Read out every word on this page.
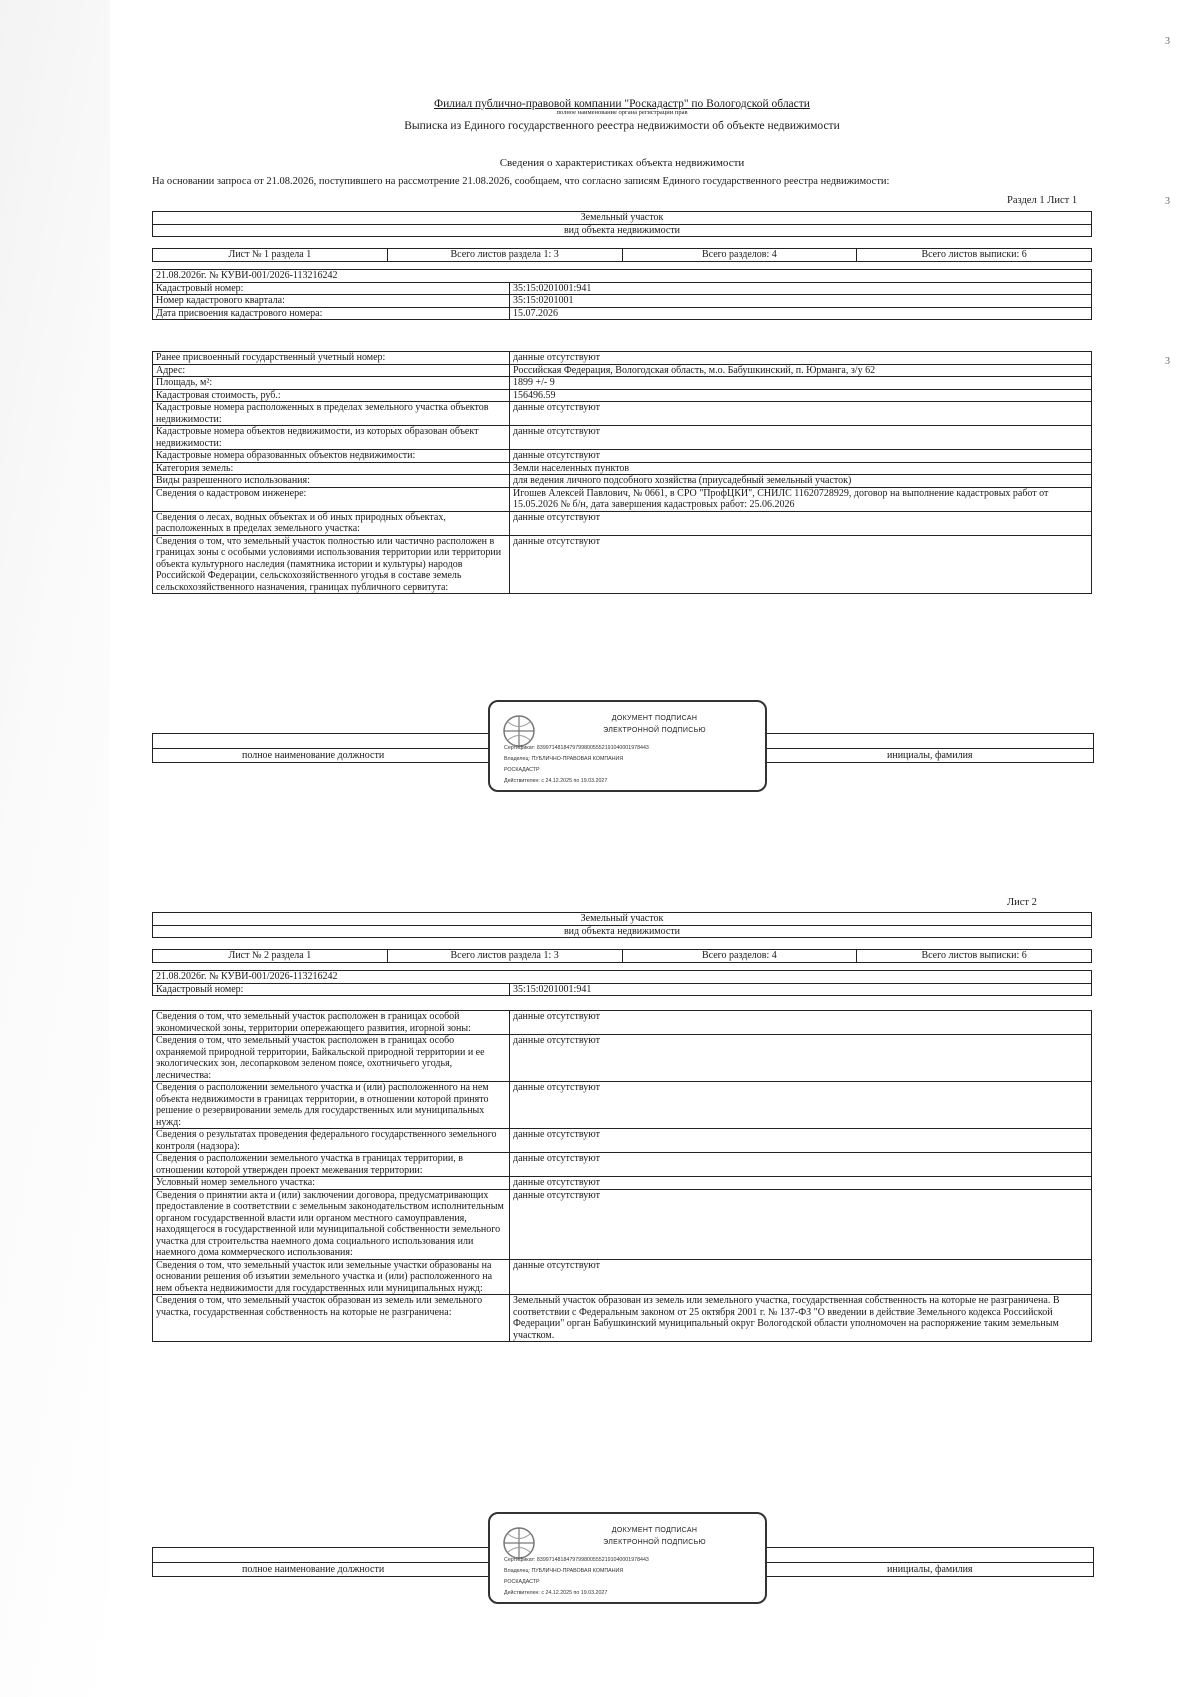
3
3
3
Филиал публично-правовой компании "Роскадастр" по Вологодской области
полное наименование органа регистрации прав
Выписка из Единого государственного реестра недвижимости об объекте недвижимости
Сведения о характеристиках объекта недвижимости
На основании запроса от 21.08.2026, поступившего на рассмотрение 21.08.2026, сообщаем, что согласно записям Единого государственного реестра недвижимости:
Раздел 1 Лист 1
Земельный участок
вид объекта недвижимости
Лист № 1 раздела 1	Всего листов раздела 1: 3	Всего разделов: 4	Всего листов выписки: 6
21.08.2026г. № КУВИ-001/2026-113216242	
Кадастровый номер:	35:15:0201001:941
Номер кадастрового квартала:	35:15:0201001
Дата присвоения кадастрового номера:	15.07.2026
Ранее присвоенный государственный учетный номер:	данные отсутствуют
Адрес:	Российская Федерация, Вологодская область, м.о. Бабушкинский, п. Юрманга, з/у 62
Площадь, м²:	1899 +/- 9
Кадастровая стоимость, руб.:	156496.59
Кадастровые номера расположенных в пределах земельного участка объектов недвижимости:	данные отсутствуют
Кадастровые номера объектов недвижимости, из которых образован объект недвижимости:	данные отсутствуют
Кадастровые номера образованных объектов недвижимости:	данные отсутствуют
Категория земель:	Земли населенных пунктов
Виды разрешенного использования:	для ведения личного подсобного хозяйства (приусадебный земельный участок)
Сведения о кадастровом инженере:	Игошев Алексей Павлович, № 0661, в СРО "ПрофЦКИ", СНИЛС 11620728929, договор на выполнение кадастровых работ от 15.05.2026 № б/н, дата завершения кадастровых работ: 25.06.2026
Сведения о лесах, водных объектах и об иных природных объектах, расположенных в пределах земельного участка:	данные отсутствуют
Сведения о том, что земельный участок полностью или частично расположен в границах зоны с особыми условиями использования территории или территории объекта культурного наследия (памятника истории и культуры) народов Российской Федерации, сельскохозяйственного угодья в составе земель сельскохозяйственного назначения, границах публичного сервитута:	данные отсутствуют
полное наименование должности	инициалы, фамилия
ДОКУМЕНТ ПОДПИСАН
ЭЛЕКТРОННОЙ ПОДПИСЬЮ
Сертификат: 83997148184797998005552191040001978443
Владелец: ПУБЛИЧНО-ПРАВОВАЯ КОМПАНИЯ
РОСКАДАСТР
Действителен: с 24.12.2025 по 19.03.2027
Лист 2
Земельный участок
вид объекта недвижимости
Лист № 2 раздела 1	Всего листов раздела 1: 3	Всего разделов: 4	Всего листов выписки: 6
21.08.2026г. № КУВИ-001/2026-113216242
Кадастровый номер:	35:15:0201001:941
Сведения о том, что земельный участок расположен в границах особой экономической зоны, территории опережающего развития, игорной зоны:	данные отсутствуют
Сведения о том, что земельный участок расположен в границах особо охраняемой природной территории, Байкальской природной территории и ее экологических зон, лесопарковом зеленом поясе, охотничьего угодья, лесничества:	данные отсутствуют
Сведения о расположении земельного участка и (или) расположенного на нем объекта недвижимости в границах территории, в отношении которой принято решение о резервировании земель для государственных или муниципальных нужд:	данные отсутствуют
Сведения о результатах проведения федерального государственного земельного контроля (надзора):	данные отсутствуют
Сведения о расположении земельного участка в границах территории, в отношении которой утвержден проект межевания территории:	данные отсутствуют
Условный номер земельного участка:	данные отсутствуют
Сведения о принятии акта и (или) заключении договора, предусматривающих предоставление в соответствии с земельным законодательством исполнительным органом государственной власти или органом местного самоуправления, находящегося в государственной или муниципальной собственности земельного участка для строительства наемного дома социального использования или наемного дома коммерческого использования:	данные отсутствуют
Сведения о том, что земельный участок или земельные участки образованы на основании решения об изъятии земельного участка и (или) расположенного на нем объекта недвижимости для государственных или муниципальных нужд:	данные отсутствуют
Сведения о том, что земельный участок образован из земель или земельного участка, государственная собственность на которые не разграничена:	Земельный участок образован из земель или земельного участка, государственная собственность на которые не разграничена. В соответствии с Федеральным законом от 25 октября 2001 г. № 137-ФЗ "О введении в действие Земельного кодекса Российской Федерации" орган Бабушкинский муниципальный округ Вологодской области уполномочен на распоряжение таким земельным участком.
полное наименование должности	инициалы, фамилия
ДОКУМЕНТ ПОДПИСАН
ЭЛЕКТРОННОЙ ПОДПИСЬЮ
Сертификат: 83997148184797998005552191040001978443
Владелец: ПУБЛИЧНО-ПРАВОВАЯ КОМПАНИЯ
РОСКАДАСТР
Действителен: с 24.12.2025 по 19.03.2027
